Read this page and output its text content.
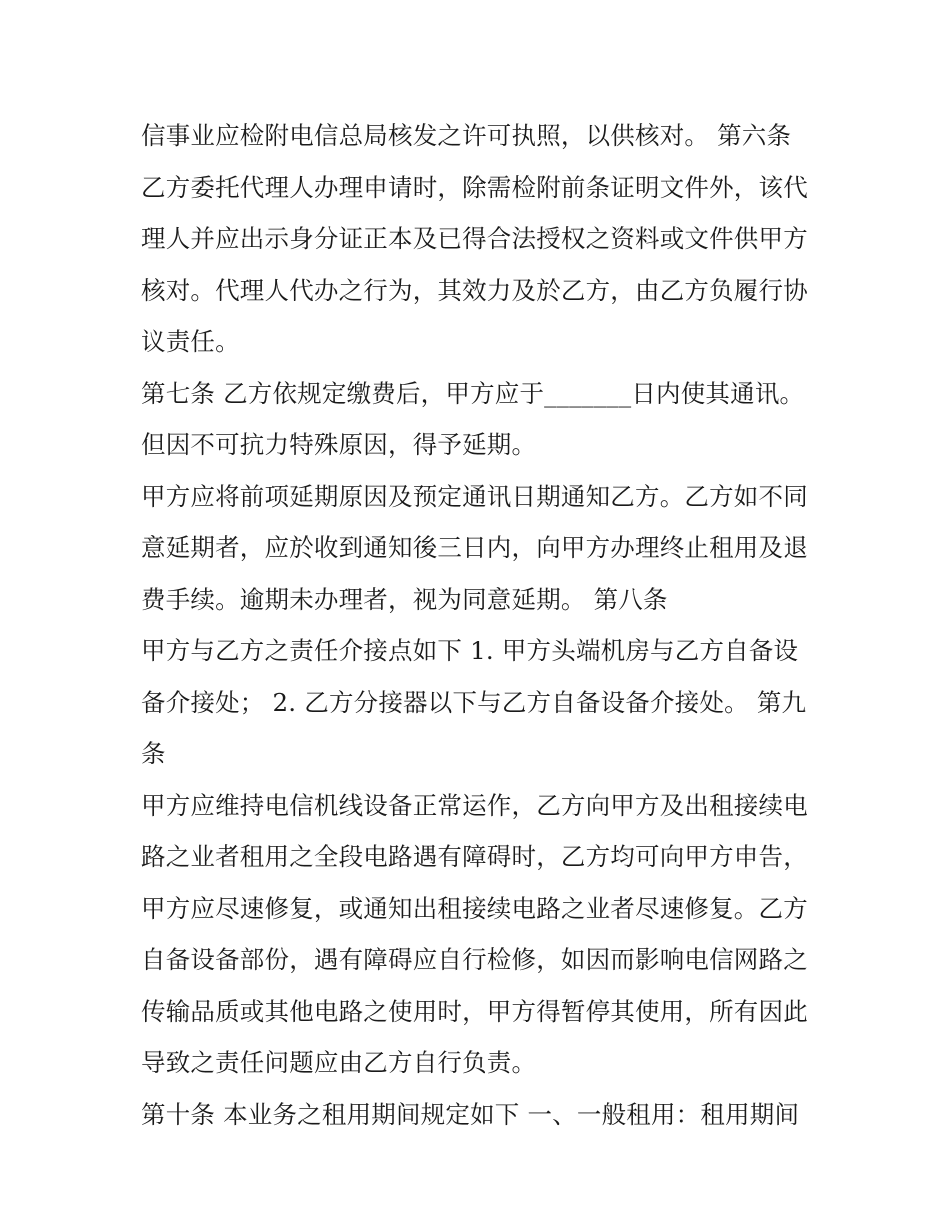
信事业应检附电信总局核发之许可执照，以供核对。 第六条
乙方委托代理人办理申请时，除需检附前条证明文件外，该代
理人并应出示身分证正本及已得合法授权之资料或文件供甲方
核对。代理人代办之行为，其效力及於乙方，由乙方负履行协
议责任。
第七条 乙方依规定缴费后，甲方应于_______日内使其通讯。
但因不可抗力特殊原因，得予延期。
甲方应将前项延期原因及预定通讯日期通知乙方。乙方如不同
意延期者，应於收到通知後三日内，向甲方办理终止租用及退
费手续。逾期未办理者，视为同意延期。 第八条
甲方与乙方之责任介接点如下 1. 甲方头端机房与乙方自备设
备介接处； 2. 乙方分接器以下与乙方自备设备介接处。 第九
条
甲方应维持电信机线设备正常运作，乙方向甲方及出租接续电
路之业者租用之全段电路遇有障碍时，乙方均可向甲方申告，
甲方应尽速修复，或通知出租接续电路之业者尽速修复。乙方
自备设备部份，遇有障碍应自行检修，如因而影响电信网路之
传输品质或其他电路之使用时，甲方得暂停其使用，所有因此
导致之责任问题应由乙方自行负责。
第十条 本业务之租用期间规定如下 一、一般租用：租用期间
